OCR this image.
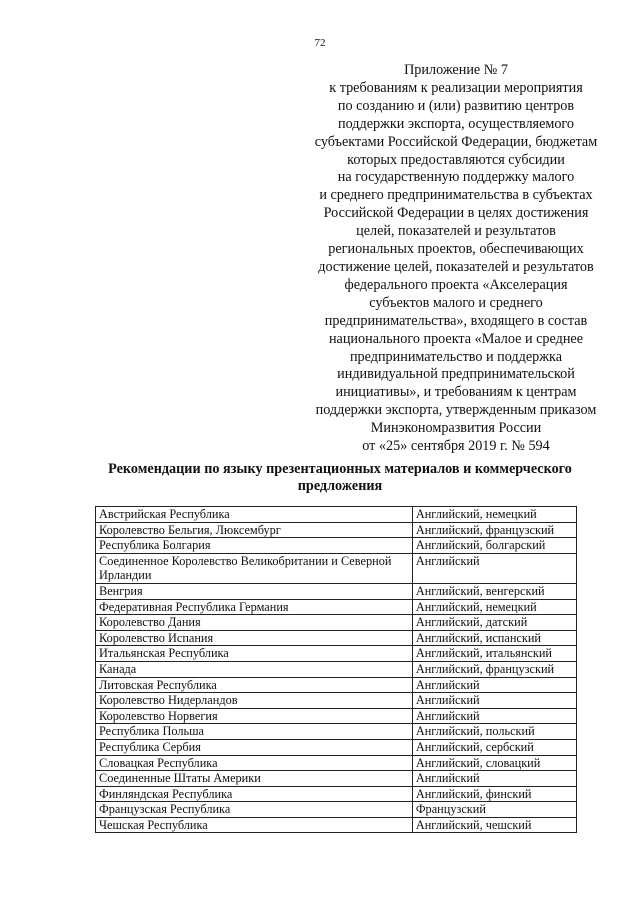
72
Приложение № 7
к требованиям к реализации мероприятия
по созданию и (или) развитию центров
поддержки экспорта, осуществляемого
субъектами Российской Федерации, бюджетам
которых предоставляются субсидии
на государственную поддержку малого
и среднего предпринимательства в субъектах
Российской Федерации в целях достижения
целей, показателей и результатов
региональных проектов, обеспечивающих
достижение целей, показателей и результатов
федерального проекта «Акселерация
субъектов малого и среднего
предпринимательства», входящего в состав
национального проекта «Малое и среднее
предпринимательство и поддержка
индивидуальной предпринимательской
инициативы», и требованиям к центрам
поддержки экспорта, утвержденным приказом
Минэкономразвития России
от «25» сентября 2019 г. № 594
Рекомендации по языку презентационных материалов и коммерческого
предложения
Австрийская Республика	Английский, немецкий
Королевство Бельгия, Люксембург	Английский, французский
Республика Болгария	Английский, болгарский
Соединенное Королевство Великобритании и Северной Ирландии	Английский
Венгрия	Английский, венгерский
Федеративная Республика Германия	Английский, немецкий
Королевство Дания	Английский, датский
Королевство Испания	Английский, испанский
Итальянская Республика	Английский, итальянский
Канада	Английский, французский
Литовская Республика	Английский
Королевство Нидерландов	Английский
Королевство Норвегия	Английский
Республика Польша	Английский, польский
Республика Сербия	Английский, сербский
Словацкая Республика	Английский, словацкий
Соединенные Штаты Америки	Английский
Финляндская Республика	Английский, финский
Французская Республика	Французский
Чешская Республика	Английский, чешский
